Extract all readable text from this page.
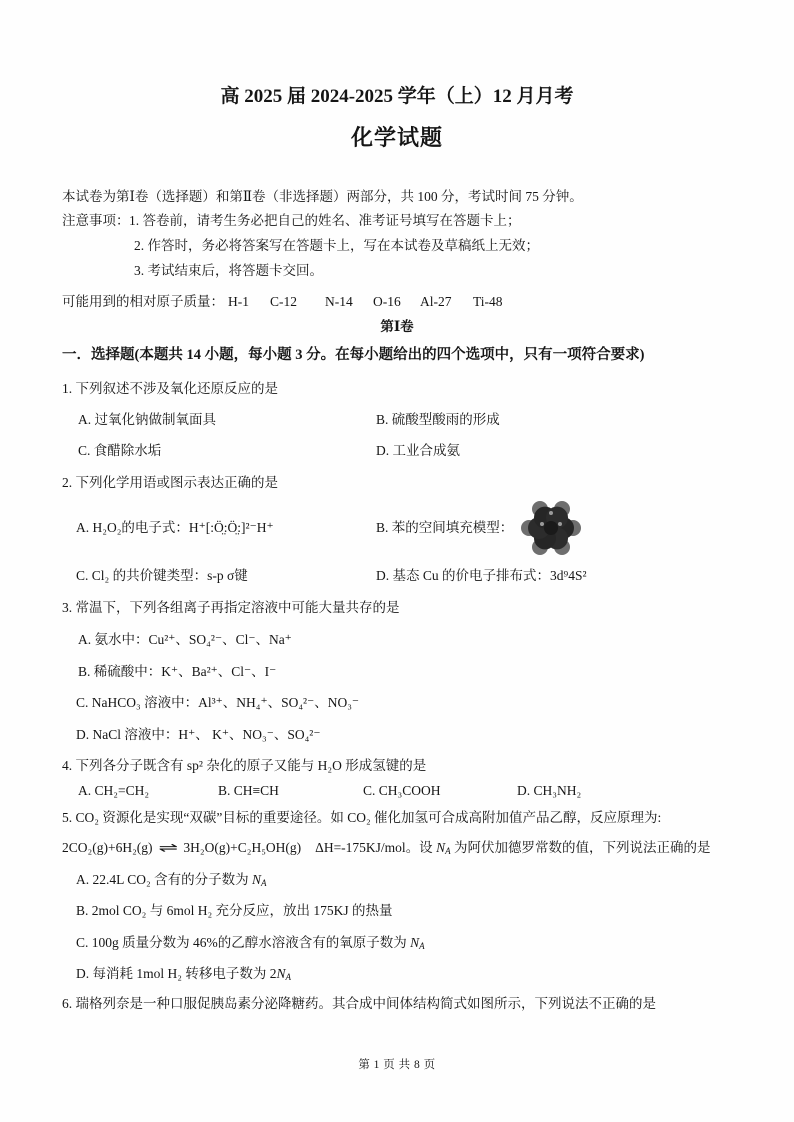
高 2025 届 2024-2025 学年（上）12 月月考
化学试题
本试卷为第Ⅰ卷（选择题）和第Ⅱ卷（非选择题）两部分，共 100 分，考试时间 75 分钟。
注意事项： 1. 答卷前，请考生务必把自己的姓名、准考证号填写在答题卡上；
2. 作答时，务必将答案写在答题卡上，写在本试卷及草稿纸上无效；
3. 考试结束后，将答题卡交回。
可能用到的相对原子质量： H-1 C-12 N-14 O-16 Al-27 Ti-48
第Ⅰ卷
一．选择题(本题共 14 小题，每小题 3 分。在每小题给出的四个选项中，只有一项符合要求)
1. 下列叙述不涉及氧化还原反应的是
A. 过氧化钠做制氧面具	B. 硫酸型酸雨的形成
C. 食醋除水垢	D. 工业合成氨
2. 下列化学用语或图示表达正确的是
A. H₂O₂的电子式：H⁺[:Ö̤:Ö̤:]²⁻H⁺	B. 苯的空间填充模型：
C. Cl₂ 的共价键类型：s-p σ键	D. 基态 Cu 的价电子排布式：3d⁹4S²
3. 常温下，下列各组离子再指定溶液中可能大量共存的是
A. 氨水中：Cu²⁺、SO₄²⁻、Cl⁻、Na⁺
B. 稀硫酸中：K⁺、Ba²⁺、Cl⁻、I⁻
C. NaHCO₃ 溶液中：Al³⁺、NH₄⁺、SO₄²⁻、NO₃⁻
D. NaCl 溶液中：H⁺、 K⁺、NO₃⁻、SO₄²⁻
4. 下列各分子既含有 sp² 杂化的原子又能与 H₂O 形成氢键的是
A. CH₂=CH₂	B. CH≡CH	C. CH₃COOH	D. CH₃NH₂
5. CO₂ 资源化是实现“双碳”目标的重要途径。如 CO₂ 催化加氢可合成高附加值产品乙醇，反应原理为:
2CO₂(g)+6H₂(g) ⇌ 3H₂O(g)+C₂H₅OH(g) ΔH=-175KJ/mol。设 $N_A$ 为阿伏加德罗常数的值，下列说法正确的是
A. 22.4L CO₂ 含有的分子数为 $N_A$
B. 2mol CO₂ 与 6mol H₂ 充分反应，放出 175KJ 的热量
C. 100g 质量分数为 46%的乙醇水溶液含有的氧原子数为 $N_A$
D. 每消耗 1mol H₂ 转移电子数为 $2N_A$
6. 瑞格列奈是一种口服促胰岛素分泌降糖药。其合成中间体结构简式如图所示，下列说法不正确的是
第 1 页 共 8 页
